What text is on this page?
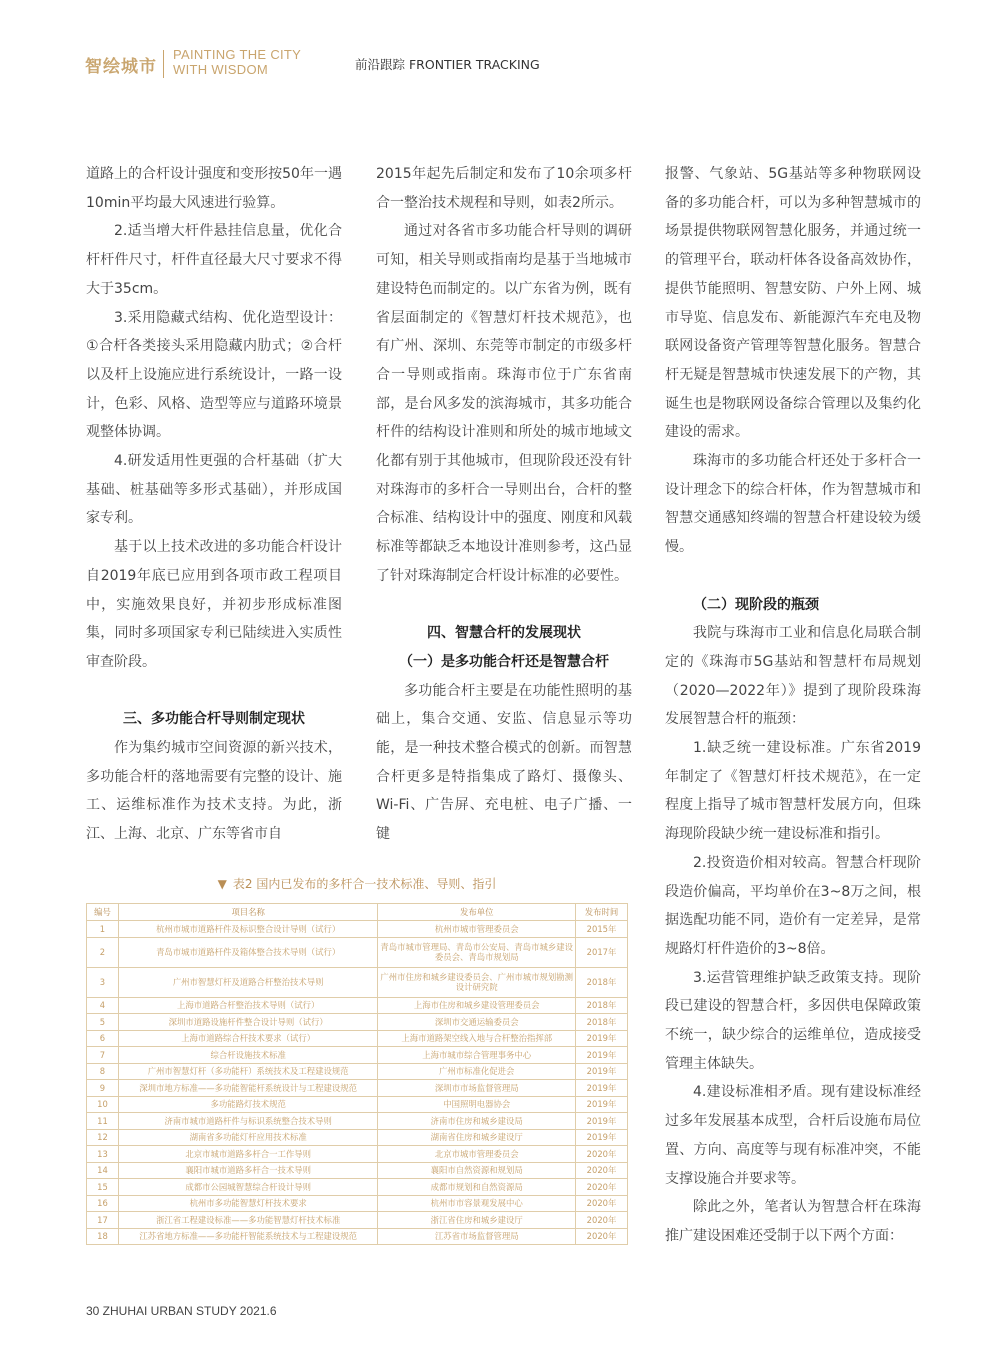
智绘城市
PAINTING THE CITY
WITH WISDOM	前沿跟踪 FRONTIER TRACKING

道路上的合杆设计强度和变形按50年一遇10min平均最大风速进行验算。

2.适当增大杆件悬挂信息量，优化合杆杆件尺寸，杆件直径最大尺寸要求不得大于35cm。

3.采用隐藏式结构、优化造型设计：①合杆各类接头采用隐藏内肋式；②合杆以及杆上设施应进行系统设计，一路一设计，色彩、风格、造型等应与道路环境景观整体协调。

4.研发适用性更强的合杆基础（扩大基础、桩基础等多形式基础），并形成国家专利。

基于以上技术改进的多功能合杆设计自2019年底已应用到各项市政工程项目中，实施效果良好，并初步形成标准图集，同时多项国家专利已陆续进入实质性审查阶段。

三、多功能合杆导则制定现状

作为集约城市空间资源的新兴技术，多功能合杆的落地需要有完整的设计、施工、运维标准作为技术支持。为此，浙江、上海、北京、广东等省市自

2015年起先后制定和发布了10余项多杆合一整治技术规程和导则，如表2所示。

通过对各省市多功能合杆导则的调研可知，相关导则或指南均是基于当地城市建设特色而制定的。以广东省为例，既有省层面制定的《智慧灯杆技术规范》，也有广州、深圳、东莞等市制定的市级多杆合一导则或指南。珠海市位于广东省南部，是台风多发的滨海城市，其多功能合杆件的结构设计准则和所处的城市地域文化都有别于其他城市，但现阶段还没有针对珠海市的多杆合一导则出台，合杆的整合标准、结构设计中的强度、刚度和风载标准等都缺乏本地设计准则参考，这凸显了针对珠海制定合杆设计标准的必要性。

四、智慧合杆的发展现状

（一）是多功能合杆还是智慧合杆

多功能合杆主要是在功能性照明的基础上，集合交通、安监、信息显示等功能，是一种技术整合模式的创新。而智慧合杆更多是特指集成了路灯、摄像头、Wi-Fi、广告屏、充电桩、电子广播、一键

报警、气象站、5G基站等多种物联网设备的多功能合杆，可以为多种智慧城市的场景提供物联网智慧化服务，并通过统一的管理平台，联动杆体各设备高效协作，提供节能照明、智慧安防、户外上网、城市导览、信息发布、新能源汽车充电及物联网设备资产管理等智慧化服务。智慧合杆无疑是智慧城市快速发展下的产物，其诞生也是物联网设备综合管理以及集约化建设的需求。

珠海市的多功能合杆还处于多杆合一设计理念下的综合杆体，作为智慧城市和智慧交通感知终端的智慧合杆建设较为缓慢。

（二）现阶段的瓶颈

我院与珠海市工业和信息化局联合制定的《珠海市5G基站和智慧杆布局规划（2020—2022年）》提到了现阶段珠海发展智慧合杆的瓶颈：

1.缺乏统一建设标准。广东省2019年制定了《智慧灯杆技术规范》，在一定程度上指导了城市智慧杆发展方向，但珠海现阶段缺少统一建设标准和指引。

2.投资造价相对较高。智慧合杆现阶段造价偏高，平均单价在3~8万之间，根据选配功能不同，造价有一定差异，是常规路灯杆件造价的3~8倍。

3.运营管理维护缺乏政策支持。现阶段已建设的智慧合杆，多因供电保障政策不统一，缺少综合的运维单位，造成接受管理主体缺失。

4.建设标准相矛盾。现有建设标准经过多年发展基本成型，合杆后设施布局位置、方向、高度等与现有标准冲突，不能支撑设施合并要求等。

除此之外，笔者认为智慧合杆在珠海推广建设困难还受制于以下两个方面：

▼ 表2 国内已发布的多杆合一技术标准、导则、指引
编号	项目名称	发布单位	发布时间
1	杭州市城市道路杆件及标识整合设计导则（试行）	杭州市城市管理委员会	2015年
2	青岛市城市道路杆件及箱体整合技术导则（试行）	青岛市城市管理局、青岛市公安局、青岛市城乡建设委员会、青岛市规划局	2017年
3	广州市智慧灯杆及道路合杆整治技术导则	广州市住房和城乡建设委员会、广州市城市规划勘测设计研究院	2018年
4	上海市道路合杆整治技术导则（试行）	上海市住房和城乡建设管理委员会	2018年
5	深圳市道路设施杆件整合设计导则（试行）	深圳市交通运输委员会	2018年
6	上海市道路综合杆技术要求（试行）	上海市道路架空线入地与合杆整治指挥部	2019年
7	综合杆设施技术标准	上海市城市综合管理事务中心	2019年
8	广州市智慧灯杆（多功能杆）系统技术及工程建设规范	广州市标准化促进会	2019年
9	深圳市地方标准——多功能智能杆系统设计与工程建设规范	深圳市市场监督管理局	2019年
10	多功能路灯技术规范	中国照明电器协会	2019年
11	济南市城市道路杆件与标识系统整合技术导则	济南市住房和城乡建设局	2019年
12	湖南省多功能灯杆应用技术标准	湖南省住房和城乡建设厅	2019年
13	北京市城市道路多杆合一工作导则	北京市城市管理委员会	2020年
14	襄阳市城市道路多杆合一技术导则	襄阳市自然资源和规划局	2020年
15	成都市公园城智慧综合杆设计导则	成都市规划和自然资源局	2020年
16	杭州市多功能智慧灯杆技术要求	杭州市市容景观发展中心	2020年
17	浙江省工程建设标准——多功能智慧灯杆技术标准	浙江省住房和城乡建设厅	2020年
18	江苏省地方标准——多功能杆智能系统技术与工程建设规范	江苏省市场监督管理局	2020年
30 ZHUHAI URBAN STUDY 2021.6
